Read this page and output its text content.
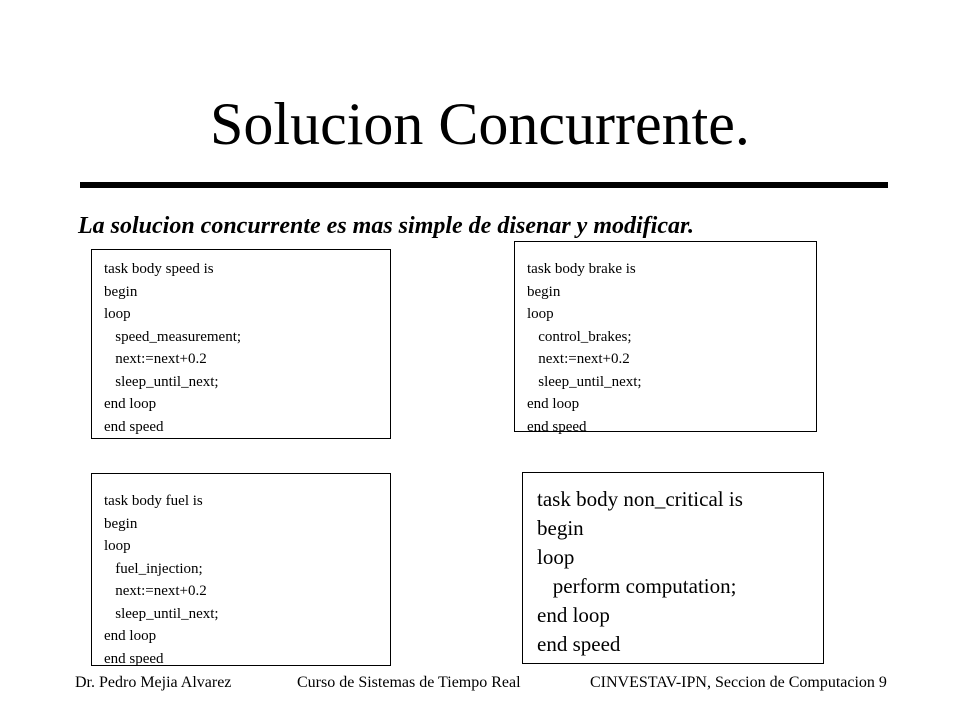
Solucion Concurrente.
La solucion concurrente es mas simple de disenar y modificar.
task body speed is
begin
loop
speed_measurement;
next:=next+0.2
sleep_until_next;
end loop
end speed
task body brake is
begin
loop
control_brakes;
next:=next+0.2
sleep_until_next;
end loop
end speed
task body fuel is
begin
loop
fuel_injection;
next:=next+0.2
sleep_until_next;
end loop
end speed
task body non_critical is
begin
loop
perform computation;
end loop
end speed
Dr. Pedro Mejia Alvarez	Curso de Sistemas de Tiempo Real	CINVESTAV-IPN, Seccion de Computacion 9
